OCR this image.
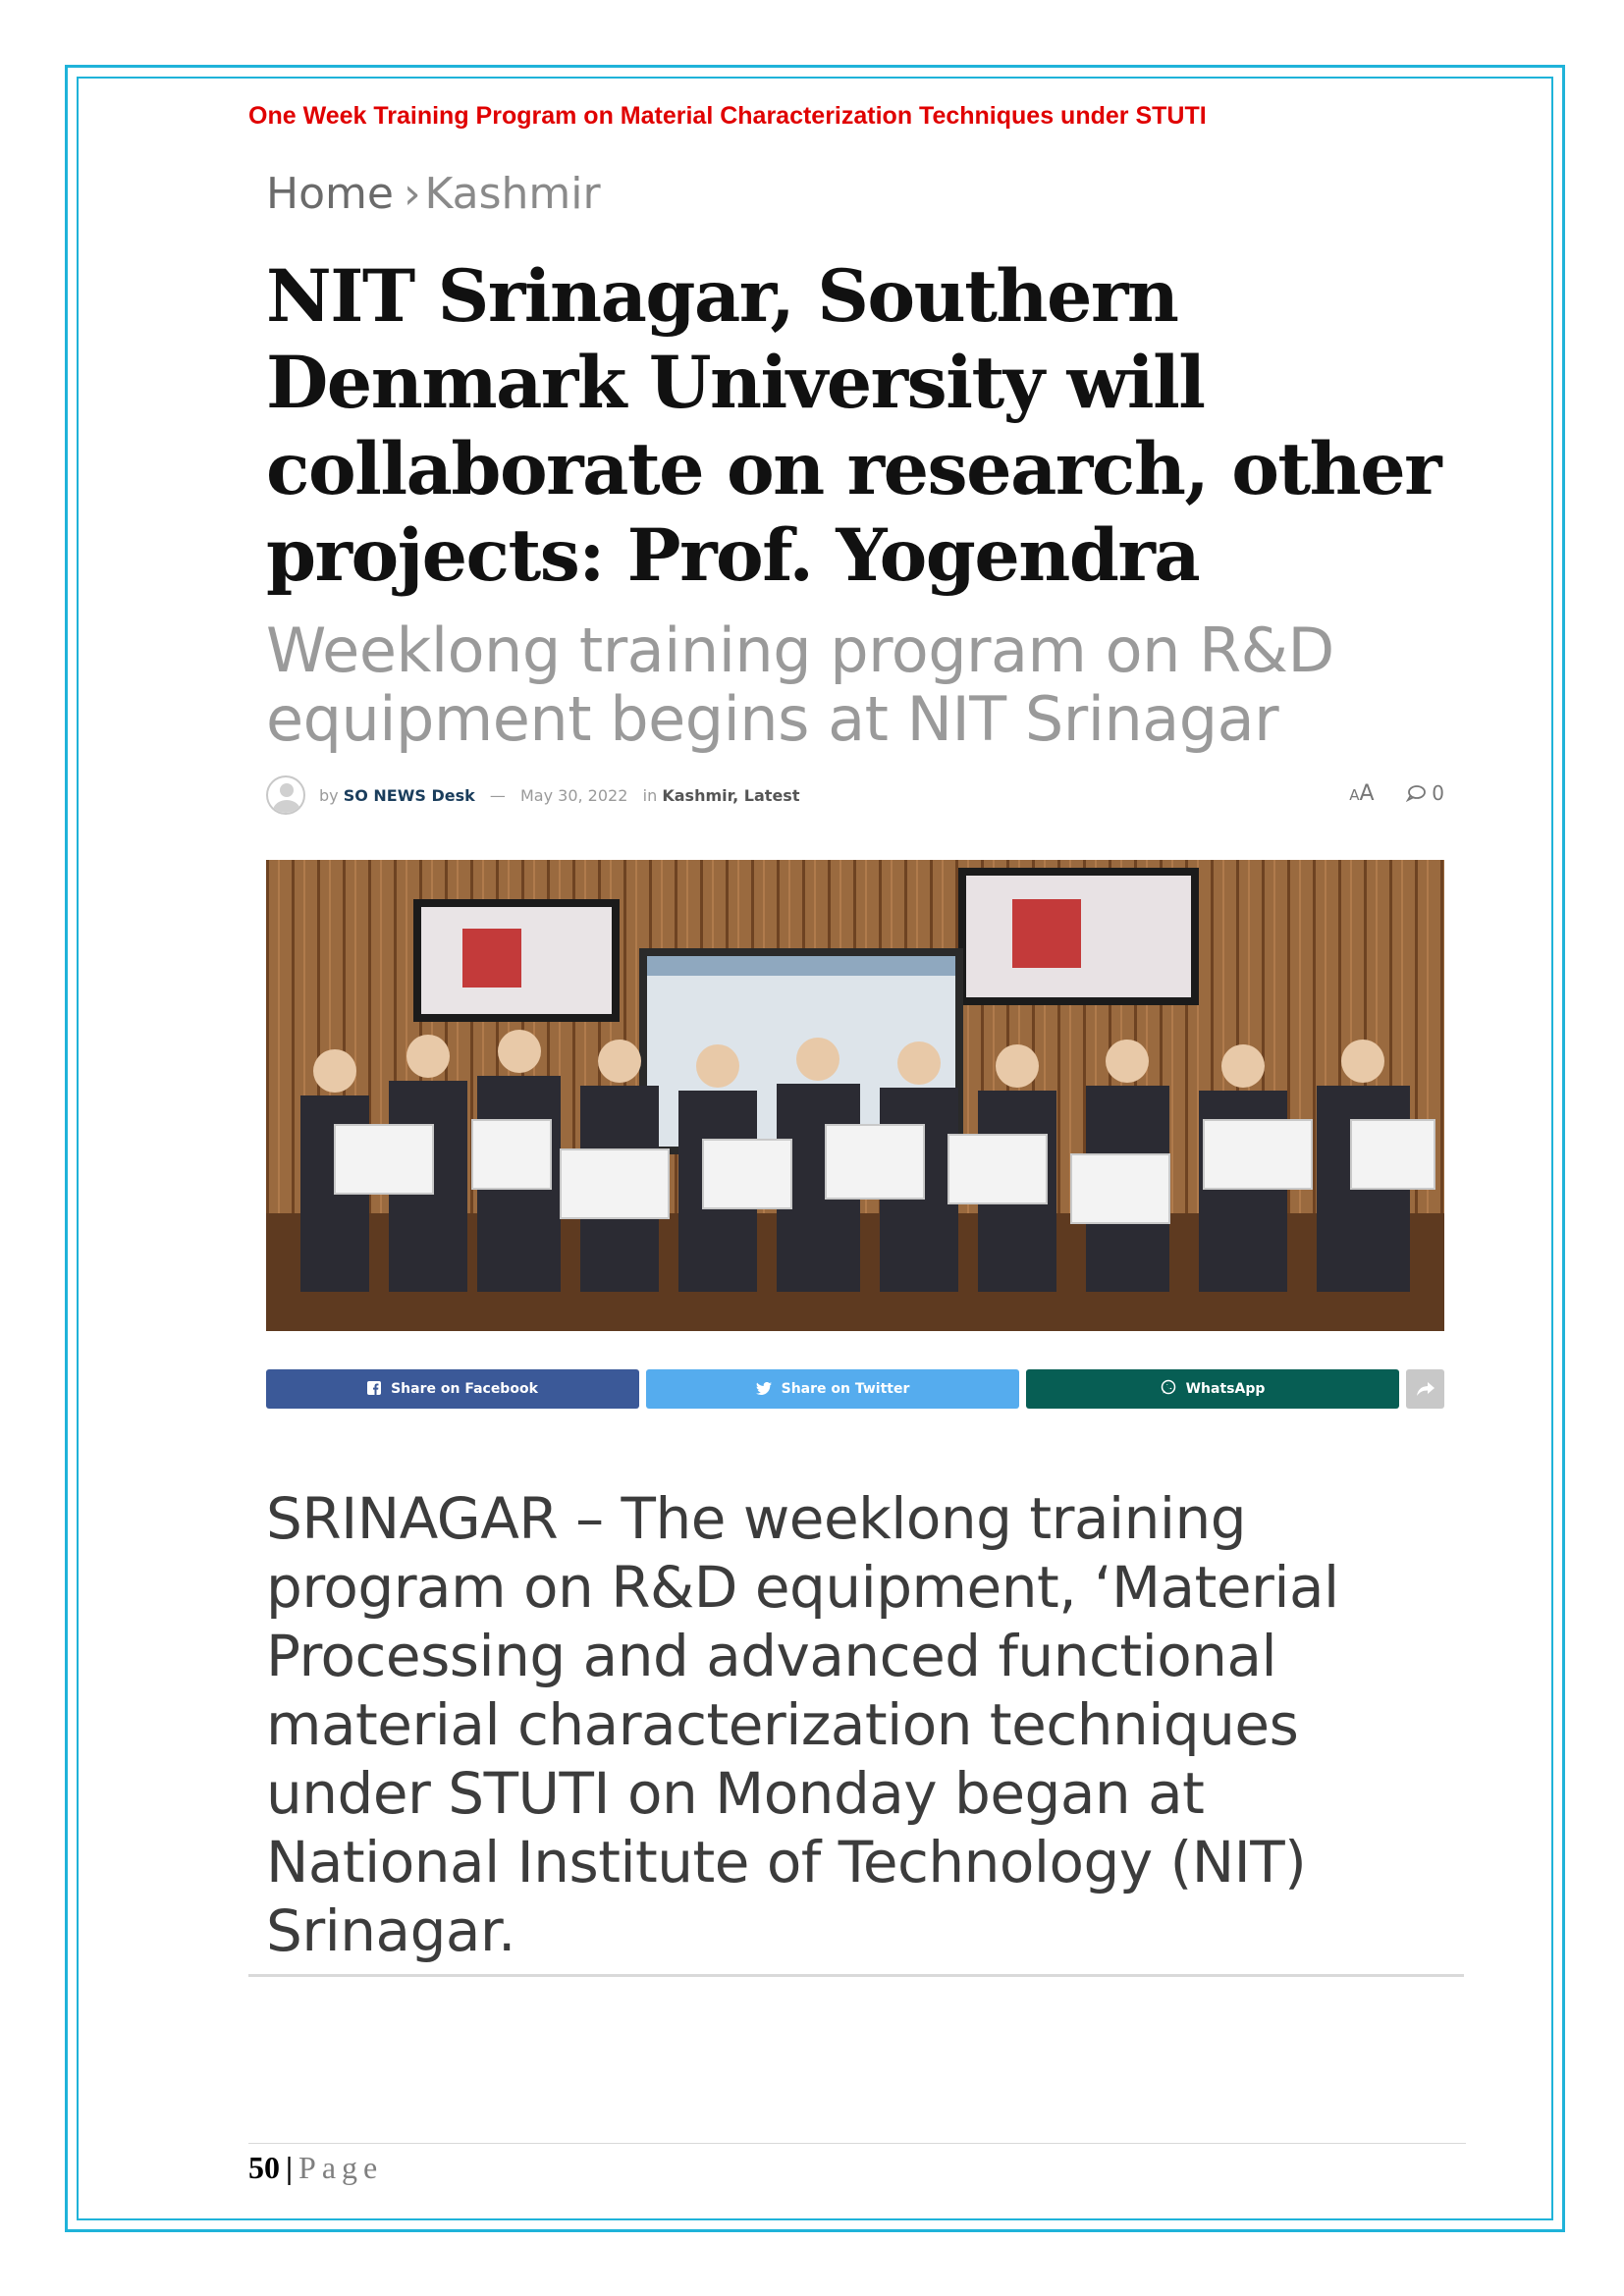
One Week Training Program on Material Characterization Techniques under STUTI
Home ›Kashmir
NIT Srinagar, Southern Denmark University will collaborate on research, other projects: Prof. Yogendra

Weeklong training program on R&D equipment begins at NIT Srinagar

by SO NEWS Desk — May 30, 2022 in Kashmir, Latest	AA	0
Share on Facebook	Share on Twitter	WhatsApp

SRINAGAR – The weeklong training program on R&D equipment, ‘Material Processing and advanced functional material characterization techniques under STUTI on Monday began at National Institute of Technology (NIT) Srinagar.

50 | Page
